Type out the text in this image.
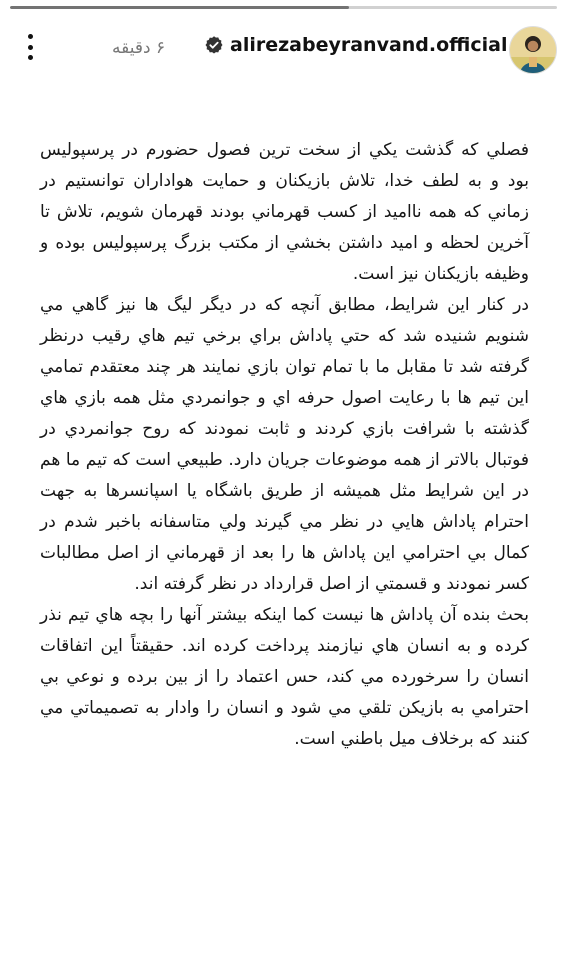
۶ دقیقه	alirezabeyranvand.official

فصلي که گذشت يکي از سخت ترين فصول حضورم در پرسپوليس بود و به لطف خدا، تلاش بازيکنان و حمايت هواداران توانستيم در زماني که همه نااميد از کسب قهرماني بودند قهرمان شويم، تلاش تا آخرين لحظه و اميد داشتن بخشي از مکتب بزرگ پرسپوليس بوده و وظيفه بازيکنان نيز است.

در کنار اين شرايط، مطابق آنچه که در ديگر ليگ ها نيز گاهي مي شنويم شنيده شد که حتي پاداش براي برخي تيم هاي رقيب درنظر گرفته شد تا مقابل ما با تمام توان بازي نمايند هر چند معتقدم تمامي اين تيم ها با رعايت اصول حرفه اي و جوانمردي مثل همه بازي هاي گذشته با شرافت بازي کردند و ثابت نمودند که روح جوانمردي در فوتبال بالاتر از همه موضوعات جريان دارد. طبيعي است که تيم ما هم در اين شرايط مثل هميشه از طريق باشگاه يا اسپانسرها به جهت احترام پاداش هايي در نظر مي گيرند ولي متاسفانه باخبر شدم در کمال بي احترامي اين پاداش ها را بعد از قهرماني از اصل مطالبات کسر نمودند و قسمتي از اصل قرارداد در نظر گرفته اند.

بحث بنده آن پاداش ها نيست کما اينکه بيشتر آنها را بچه هاي تيم نذر کرده و به انسان هاي نيازمند پرداخت کرده اند. حقيقتاً اين اتفاقات انسان را سرخورده مي کند، حس اعتماد را از بين برده و نوعي بي احترامي به بازيکن تلقي مي شود و انسان را وادار به تصميماتي مي کنند که برخلاف ميل باطني است.
